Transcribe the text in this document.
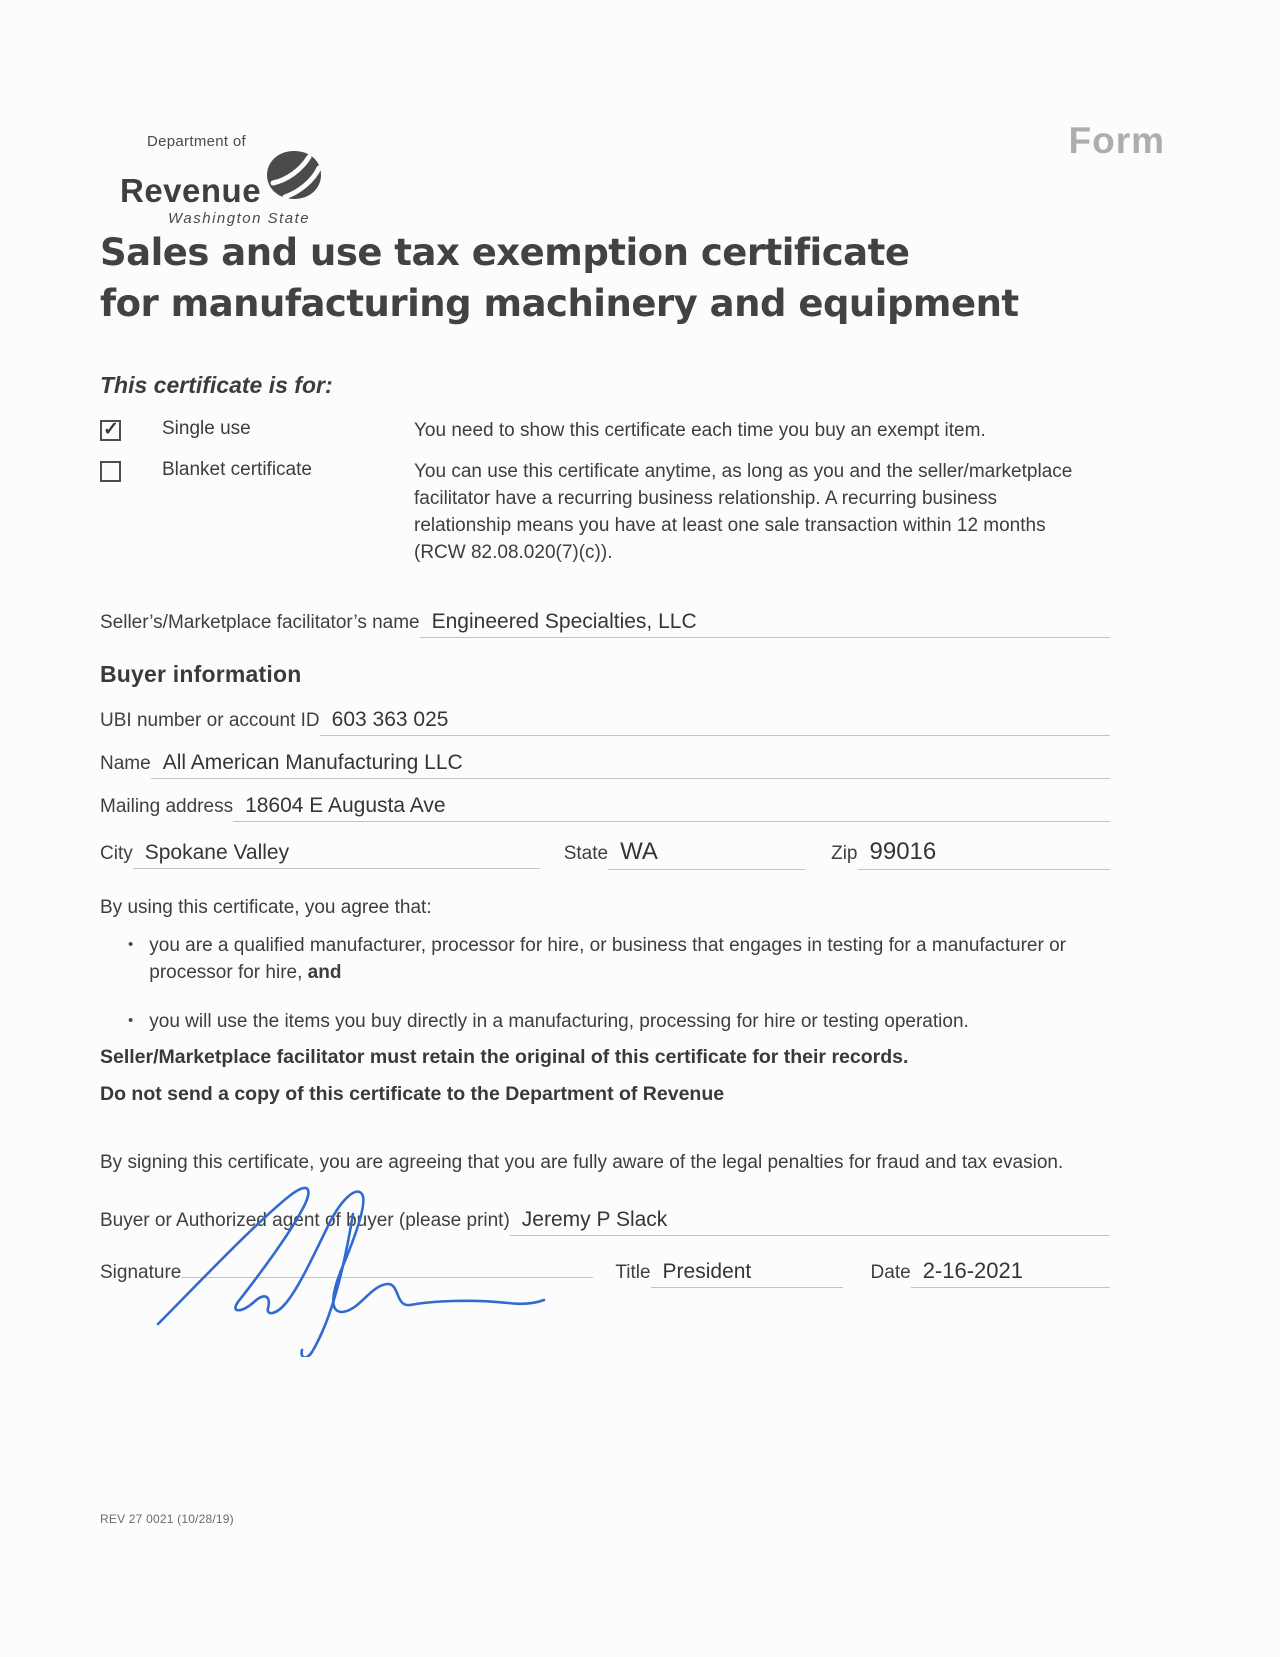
Department of
Revenue
Washington State
Form
Sales and use tax exemption certificate
for manufacturing machinery and equipment
This certificate is for:
✓
Single use	You need to show this certificate each time you buy an exempt item.
Blanket certificate	You can use this certificate anytime, as long as you and the seller/marketplace facilitator have a recurring business relationship. A recurring business relationship means you have at least one sale transaction within 12 months (RCW 82.08.020(7)(c)).
Seller’s/Marketplace facilitator’s name Engineered Specialties, LLC
Buyer information
UBI number or account ID 603 363 025
Name All American Manufacturing LLC
Mailing address 18604 E Augusta Ave
City Spokane Valley	State WA	Zip 99016
By using this certificate, you agree that:
• you are a qualified manufacturer, processor for hire, or business that engages in testing for a manufacturer or processor for hire, and
• you will use the items you buy directly in a manufacturing, processing for hire or testing operation.
Seller/Marketplace facilitator must retain the original of this certificate for their records.
Do not send a copy of this certificate to the Department of Revenue
By signing this certificate, you are agreeing that you are fully aware of the legal penalties for fraud and tax evasion.
Buyer or Authorized agent of buyer (please print) Jeremy P Slack
Signature	Title President	Date 2-16-2021
REV 27 0021 (10/28/19)
